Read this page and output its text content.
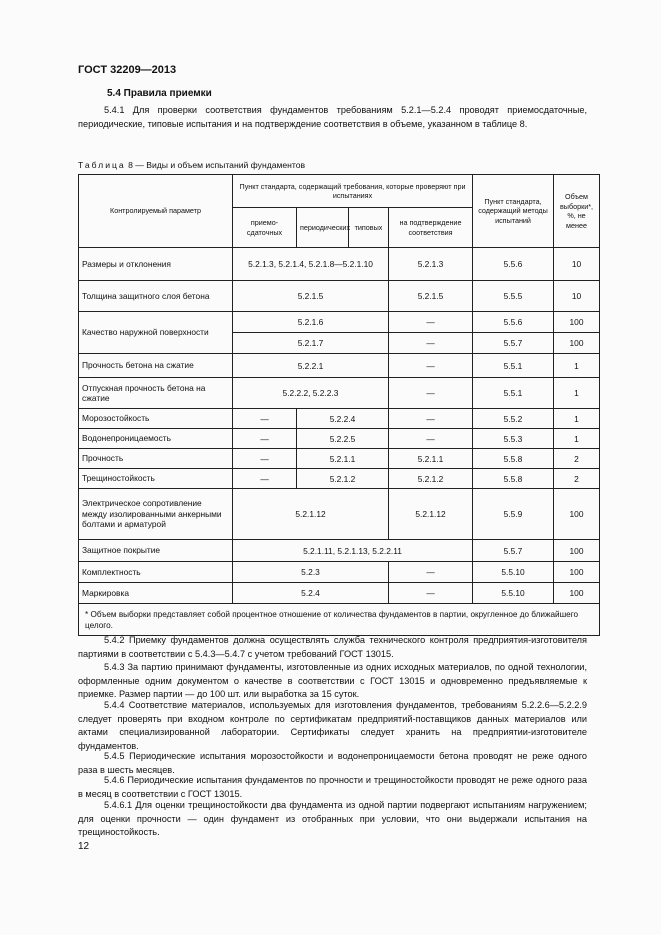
ГОСТ 32209—2013
5.4 Правила приемки
5.4.1 Для проверки соответствия фундаментов требованиям 5.2.1—5.2.4 проводят приемосдаточные, периодические, типовые испытания и на подтверждение соответствия в объеме, указанном в таблице 8.
Таблица 8 — Виды и объем испытаний фундаментов
Контролируемый параметр	Пункт стандарта, содержащий требования, которые проверяют при испытаниях				Пункт стандарта, содержащий методы испытаний	Объем выборки*, %, не менее
	приемо-сдаточных	периодических	типовых	на подтверждение соответствия		
Размеры и отклонения	5.2.1.3, 5.2.1.4, 5.2.1.8—5.2.1.10			5.2.1.3	5.5.6	10
Толщина защитного слоя бетона	5.2.1.5			5.2.1.5	5.5.5	10
Качество наружной поверхности	5.2.1.6			—	5.5.6	100
	5.2.1.7			—	5.5.7	100
Прочность бетона на сжатие	5.2.2.1			—	5.5.1	1
Отпускная прочность бетона на сжатие	5.2.2.2, 5.2.2.3			—	5.5.1	1
Морозостойкость	—	5.2.2.4		—	5.5.2	1
Водонепроницаемость	—	5.2.2.5		—	5.5.3	1
Прочность	—	5.2.1.1		5.2.1.1	5.5.8	2
Трещиностойкость	—	5.2.1.2		5.2.1.2	5.5.8	2
Электрическое сопротивление между изолированными анкерными болтами и арматурой	5.2.1.12			5.2.1.12	5.5.9	100
Защитное покрытие	5.2.1.11, 5.2.1.13, 5.2.2.11				5.5.7	100
Комплектность	5.2.3			—	5.5.10	100
Маркировка	5.2.4			—	5.5.10	100
* Объем выборки представляет собой процентное отношение от количества фундаментов в партии, округленное до ближайшего целого.						
5.4.2 Приемку фундаментов должна осуществлять служба технического контроля предприятия-изготовителя партиями в соответствии с 5.4.3—5.4.7 с учетом требований ГОСТ 13015.
5.4.3 За партию принимают фундаменты, изготовленные из одних исходных материалов, по одной технологии, оформленные одним документом о качестве в соответствии с ГОСТ 13015 и одновременно предъявляемые к приемке. Размер партии — до 100 шт. или выработка за 15 суток.
5.4.4 Соответствие материалов, используемых для изготовления фундаментов, требованиям 5.2.2.6—5.2.2.9 следует проверять при входном контроле по сертификатам предприятий-поставщиков данных материалов или актами специализированной лаборатории. Сертификаты следует хранить на предприятии-изготовителе фундаментов.
5.4.5 Периодические испытания морозостойкости и водонепроницаемости бетона проводят не реже одного раза в шесть месяцев.
5.4.6 Периодические испытания фундаментов по прочности и трещиностойкости проводят не реже одного раза в месяц в соответствии с ГОСТ 13015.
5.4.6.1 Для оценки трещиностойкости два фундамента из одной партии подвергают испытаниям нагружением; для оценки прочности — один фундамент из отобранных при условии, что они выдержали испытания на трещиностойкость.
12
